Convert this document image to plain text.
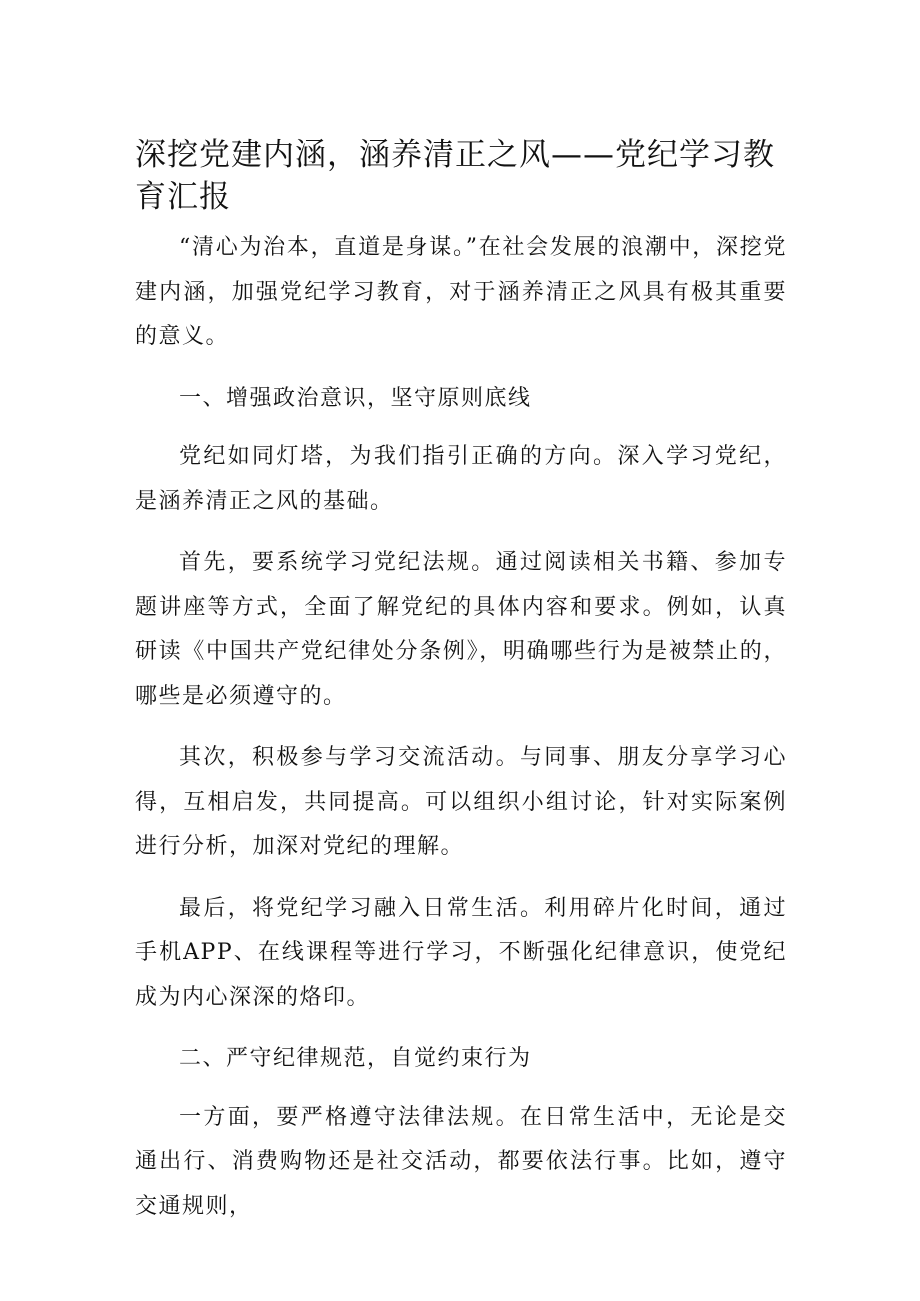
深挖党建内涵，涵养清正之风——党纪学习教育汇报

“清心为治本，直道是身谋。”在社会发展的浪潮中，深挖党建内涵，加强党纪学习教育，对于涵养清正之风具有极其重要的意义。

一、增强政治意识，坚守原则底线

党纪如同灯塔，为我们指引正确的方向。深入学习党纪，是涵养清正之风的基础。

首先，要系统学习党纪法规。通过阅读相关书籍、参加专题讲座等方式，全面了解党纪的具体内容和要求。例如，认真研读《中国共产党纪律处分条例》，明确哪些行为是被禁止的，哪些是必须遵守的。

其次，积极参与学习交流活动。与同事、朋友分享学习心得，互相启发，共同提高。可以组织小组讨论，针对实际案例进行分析，加深对党纪的理解。

最后，将党纪学习融入日常生活。利用碎片化时间，通过手机APP、在线课程等进行学习，不断强化纪律意识，使党纪成为内心深深的烙印。

二、严守纪律规范，自觉约束行为

一方面，要严格遵守法律法规。在日常生活中，无论是交通出行、消费购物还是社交活动，都要依法行事。比如，遵守交通规则，
